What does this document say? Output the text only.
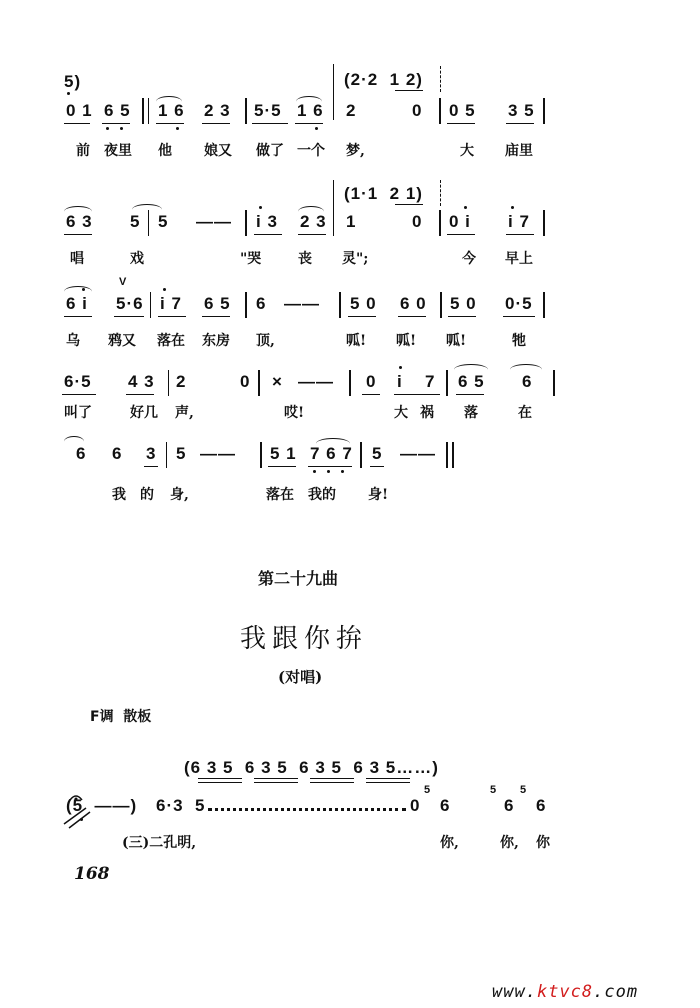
5)	(2·2  1 2)
0 1 6 5 1 6 2 3 5·5 1 6 2	0 0 5 3 5
前 夜里 他 娘又 做了 一个 梦,	大 庙里
(1·1  2 1)
6 3 5 5 —— i 3 2 3 1	0 0 i i 7
唱	戏	"哭	丧 灵";	今 早上
V
6 i 5·6 i 7 6 5 6 —— 5 0 6 0 5 0 0·5
乌 鸦又 落在 东房 顶,	呱! 呱! 呱!	牠
6·5 4 3 2	0 × —— 0 i 7 6 5 6
叫了	好几 声,	哎!	大 祸 落	在
6 6 3 5 —— 5 1 7 6 7 5 ——
我 的 身,	落在 我的 身!
第二十九曲
我跟你拚
(对唱)
F调  散板
(6 3 5  6 3 5  6 3 5  6 3 5……)
(5  ——) 6·3  5	0
5
6
5
6
5
6
(三)二孔明,	你,	你, 你
168
www.ktvc8.com
